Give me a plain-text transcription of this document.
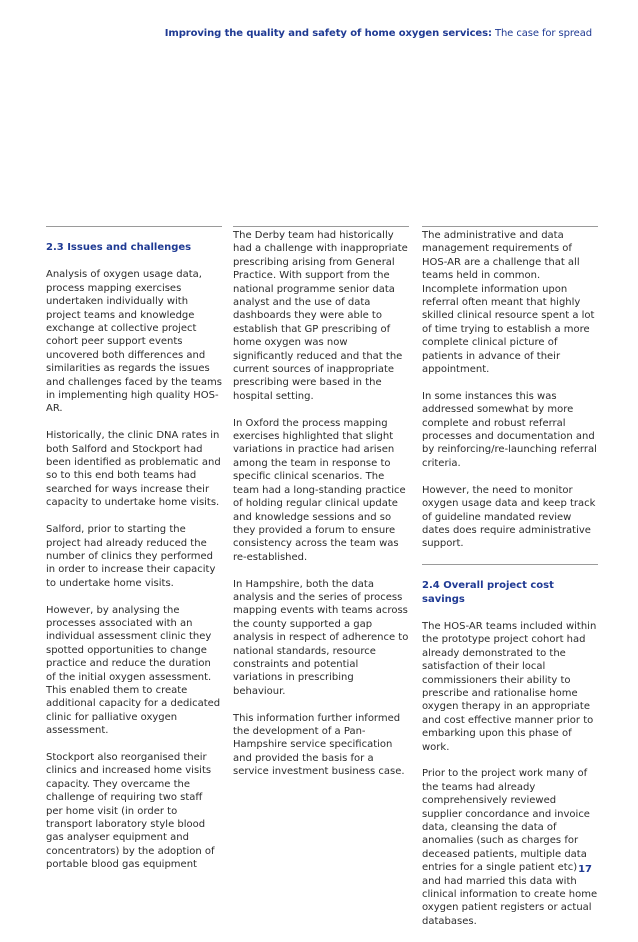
Improving the quality and safety of home oxygen services: The case for spread
2.3 Issues and challenges

Analysis of oxygen usage data, process mapping exercises undertaken individually with project teams and knowledge exchange at collective project cohort peer support events uncovered both differences and similarities as regards the issues and challenges faced by the teams in implementing high quality HOS-AR.

Historically, the clinic DNA rates in both Salford and Stockport had been identified as problematic and so to this end both teams had searched for ways increase their capacity to undertake home visits.

Salford, prior to starting the project had already reduced the number of clinics they performed in order to increase their capacity to undertake home visits.

However, by analysing the processes associated with an individual assessment clinic they spotted opportunities to change practice and reduce the duration of the initial oxygen assessment. This enabled them to create additional capacity for a dedicated clinic for palliative oxygen assessment.

Stockport also reorganised their clinics and increased home visits capacity. They overcame the challenge of requiring two staff per home visit (in order to transport laboratory style blood gas analyser equipment and concentrators) by the adoption of portable blood gas equipment

The Derby team had historically had a challenge with inappropriate prescribing arising from General Practice. With support from the national programme senior data analyst and the use of data dashboards they were able to establish that GP prescribing of home oxygen was now significantly reduced and that the current sources of inappropriate prescribing were based in the hospital setting.

In Oxford the process mapping exercises highlighted that slight variations in practice had arisen among the team in response to specific clinical scenarios. The team had a long-standing practice of holding regular clinical update and knowledge sessions and so they provided a forum to ensure consistency across the team was re-established.

In Hampshire, both the data analysis and the series of process mapping events with teams across the county supported a gap analysis in respect of adherence to national standards, resource constraints and potential variations in prescribing behaviour.

This information further informed the development of a Pan-Hampshire service specification and provided the basis for a service investment business case.

The administrative and data management requirements of HOS-AR are a challenge that all teams held in common. Incomplete information upon referral often meant that highly skilled clinical resource spent a lot of time trying to establish a more complete clinical picture of patients in advance of their appointment.

In some instances this was addressed somewhat by more complete and robust referral processes and documentation and by reinforcing/re-launching referral criteria.

However, the need to monitor oxygen usage data and keep track of guideline mandated review dates does require administrative support.

2.4 Overall project cost savings

The HOS-AR teams included within the prototype project cohort had already demonstrated to the satisfaction of their local commissioners their ability to prescribe and rationalise home oxygen therapy in an appropriate and cost effective manner prior to embarking upon this phase of work.

Prior to the project work many of the teams had already comprehensively reviewed supplier concordance and invoice data, cleansing the data of anomalies (such as charges for deceased patients, multiple data entries for a single patient etc) and had married this data with clinical information to create home oxygen patient registers or actual databases.

17
